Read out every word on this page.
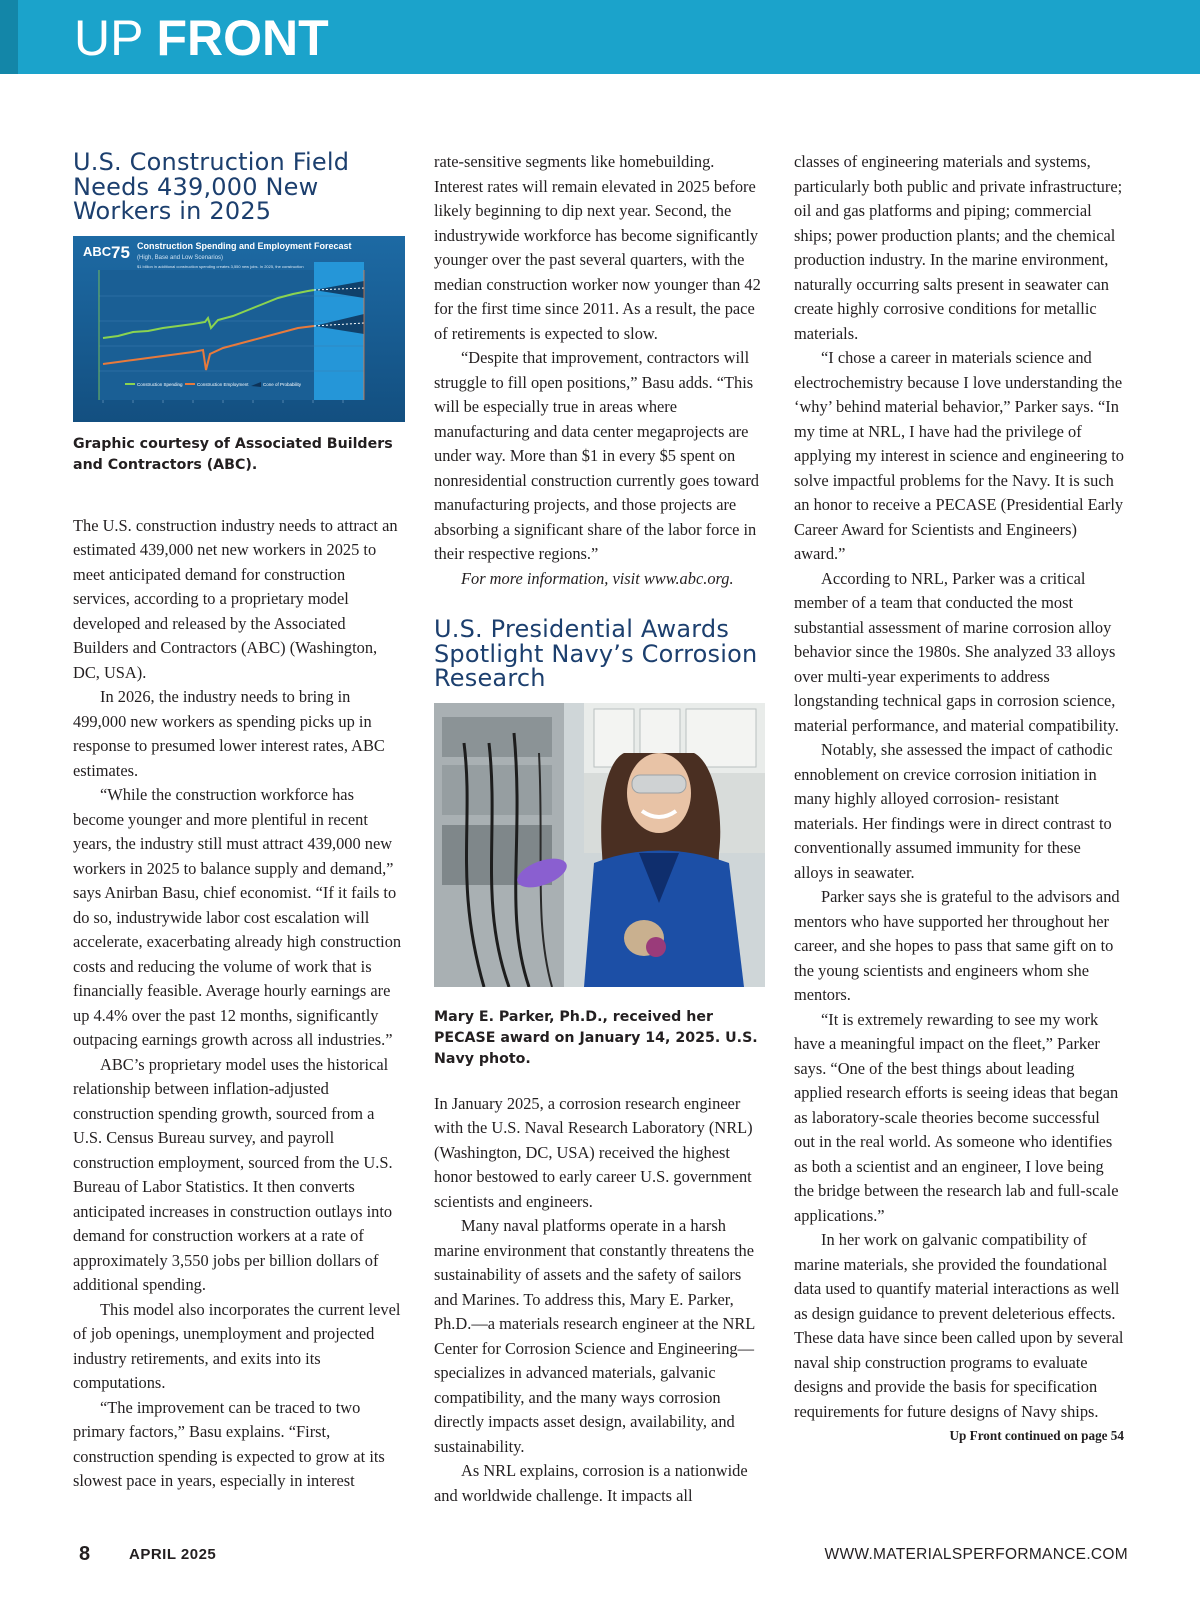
UP FRONT
U.S. Construction Field Needs 439,000 New Workers in 2025
ABC 75 Construction Spending and Employment Forecast
(High, Base and Low Scenarios)
$1 billion in additional construction spending creates 3,550 new jobs. In 2025, the construction
Construction Spending	Construction Employment	Cone of Probability

Graphic courtesy of Associated Builders and Contractors (ABC).

The U.S. construction industry needs to attract an estimated 439,000 net new workers in 2025 to meet anticipated demand for construction services, according to a proprietary model developed and released by the Associated Builders and Contractors (ABC) (Washington, DC, USA).

In 2026, the industry needs to bring in 499,000 new workers as spending picks up in response to presumed lower interest rates, ABC estimates.

“While the construction workforce has become younger and more plentiful in recent years, the industry still must attract 439,000 new workers in 2025 to balance supply and demand,” says Anirban Basu, chief economist. “If it fails to do so, industrywide labor cost escalation will accelerate, exacerbating already high construction costs and reducing the volume of work that is financially feasible. Average hourly earnings are up 4.4% over the past 12 months, significantly outpacing earnings growth across all industries.”

ABC’s proprietary model uses the historical relationship between inflation-adjusted construction spending growth, sourced from a U.S. Census Bureau survey, and payroll construction employment, sourced from the U.S. Bureau of Labor Statistics. It then converts anticipated increases in construction outlays into demand for construction workers at a rate of approximately 3,550 jobs per billion dollars of additional spending.

This model also incorporates the current level of job openings, unemployment and projected industry retirements, and exits into its computations.

“The improvement can be traced to two primary factors,” Basu explains. “First, construction spending is expected to grow at its slowest pace in years, especially in interest

rate-sensitive segments like homebuilding. Interest rates will remain elevated in 2025 before likely beginning to dip next year. Second, the industrywide workforce has become significantly younger over the past several quarters, with the median construction worker now younger than 42 for the first time since 2011. As a result, the pace of retirements is expected to slow.

“Despite that improvement, contractors will struggle to fill open positions,” Basu adds. “This will be especially true in areas where manufacturing and data center megaprojects are under way. More than $1 in every $5 spent on nonresidential construction currently goes toward manufacturing projects, and those projects are absorbing a significant share of the labor force in their respective regions.”

For more information, visit www.abc.org.

U.S. Presidential Awards Spotlight Navy’s Corrosion Research

Mary E. Parker, Ph.D., received her PECASE award on January 14, 2025. U.S. Navy photo.

In January 2025, a corrosion research engineer with the U.S. Naval Research Laboratory (NRL) (Washington, DC, USA) received the highest honor bestowed to early career U.S. government scientists and engineers.

Many naval platforms operate in a harsh marine environment that constantly threatens the sustainability of assets and the safety of sailors and Marines. To address this, Mary E. Parker, Ph.D.—a materials research engineer at the NRL Center for Corrosion Science and Engineering—specializes in advanced materials, galvanic compatibility, and the many ways corrosion directly impacts asset design, availability, and sustainability.

As NRL explains, corrosion is a nationwide and worldwide challenge. It impacts all

classes of engineering materials and systems, particularly both public and private infrastructure; oil and gas platforms and piping; commercial ships; power production plants; and the chemical production industry. In the marine environment, naturally occurring salts present in seawater can create highly corrosive conditions for metallic materials.

“I chose a career in materials science and electrochemistry because I love understanding the ‘why’ behind material behavior,” Parker says. “In my time at NRL, I have had the privilege of applying my interest in science and engineering to solve impactful problems for the Navy. It is such an honor to receive a PECASE (Presidential Early Career Award for Scientists and Engineers) award.”

According to NRL, Parker was a critical member of a team that conducted the most substantial assessment of marine corrosion alloy behavior since the 1980s. She analyzed 33 alloys over multi-year experiments to address longstanding technical gaps in corrosion science, material performance, and material compatibility.

Notably, she assessed the impact of cathodic ennoblement on crevice corrosion initiation in many highly alloyed corrosion- resistant materials. Her findings were in direct contrast to conventionally assumed immunity for these alloys in seawater.

Parker says she is grateful to the advisors and mentors who have supported her throughout her career, and she hopes to pass that same gift on to the young scientists and engineers whom she mentors.

“It is extremely rewarding to see my work have a meaningful impact on the fleet,” Parker says. “One of the best things about leading applied research efforts is seeing ideas that began as laboratory-scale theories become successful out in the real world. As someone who identifies as both a scientist and an engineer, I love being the bridge between the research lab and full-scale applications.”

In her work on galvanic compatibility of marine materials, she provided the foundational data used to quantify material interactions as well as design guidance to prevent deleterious effects. These data have since been called upon by several naval ship construction programs to evaluate designs and provide the basis for specification requirements for future designs of Navy ships.

Up Front continued on page 54

8	APRIL 2025	WWW.MATERIALSPERFORMANCE.COM
